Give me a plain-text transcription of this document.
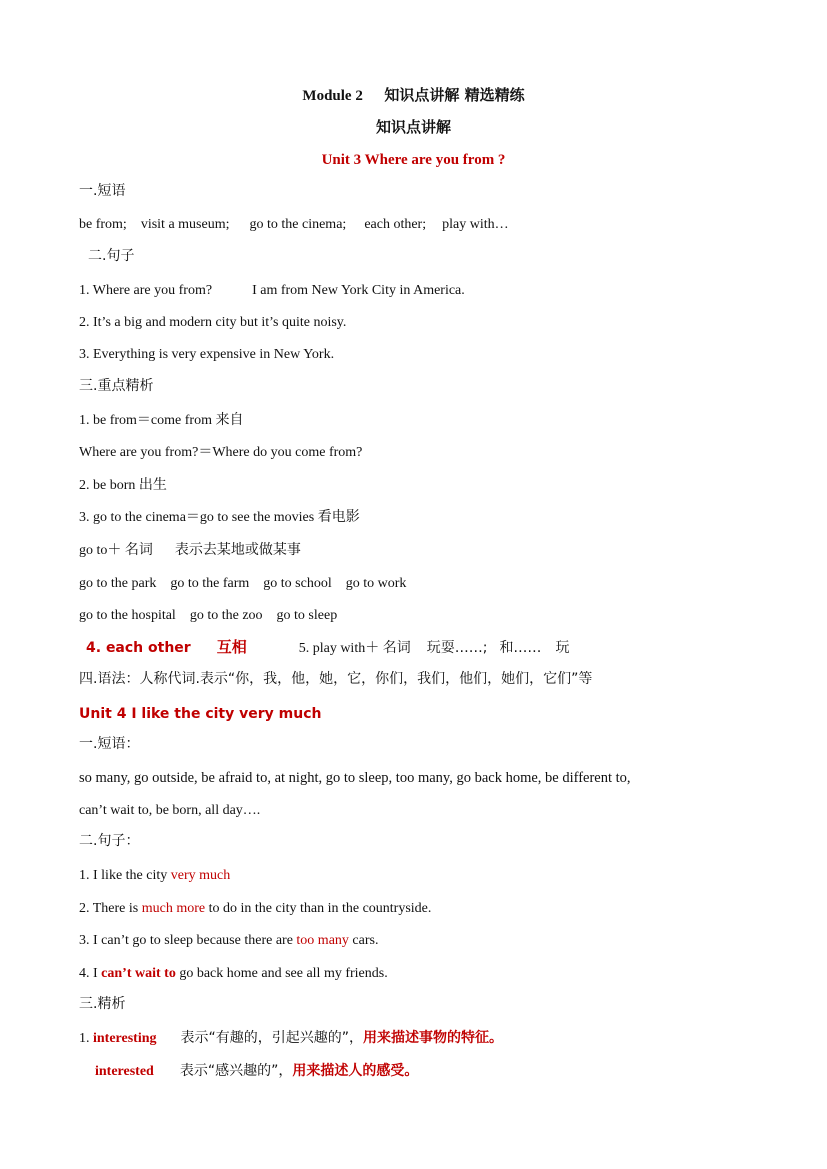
Module 2 知识点讲解 精选精练
知识点讲解
Unit 3 Where are you from ?
一.短语
be from; visit a museum; go to the cinema; each other; play with…
二.句子
1. Where are you from?	I am from New York City in America.
2. It’s a big and modern city but it’s quite noisy.
3. Everything is very expensive in New York.
三.重点精析
1. be from＝come from 来自
Where are you from?＝Where do you come from?
2. be born 出生
3. go to the cinema＝go to see the movies 看电影
go to＋ 名词 表示去某地或做某事
go to the park go to the farm go to school go to work
go to the hospital go to the zoo go to sleep
4. each other 互相	5. play with＋ 名词 玩耍……; 和…… 玩
四.语法：人称代词.表示“你，我，他，她，它，你们，我们，他们，她们，它们”等
Unit 4 I like the city very much
一.短语：
so many, go outside, be afraid to, at night, go to sleep, too many, go back home, be different to,
can’t wait to, be born, all day….
二.句子：
1. I like the city very much
2. There is much more to do in the city than in the countryside.
3. I can’t go to sleep because there are too many cars.
4. I can’t wait to go back home and see all my friends.
三.精析
1. interesting 表示“有趣的，引起兴趣的”，用来描述事物的特征。
interested 表示“感兴趣的”，用来描述人的感受。
